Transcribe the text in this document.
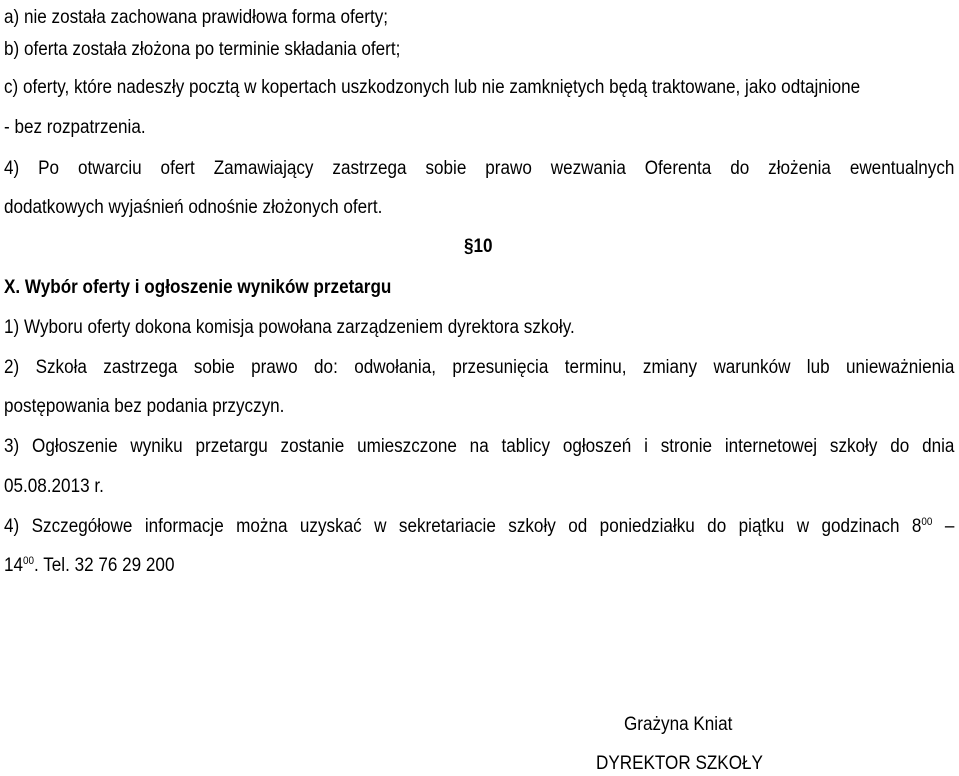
a) nie została zachowana prawidłowa forma oferty;

b) oferta została złożona po terminie składania ofert;

c) oferty, które nadeszły pocztą w kopertach uszkodzonych lub nie zamkniętych będą traktowane, jako odtajnione

- bez rozpatrzenia.

4) Po otwarciu ofert Zamawiający zastrzega sobie prawo wezwania Oferenta do złożenia ewentualnych

dodatkowych wyjaśnień odnośnie złożonych ofert.

§10

X. Wybór oferty i ogłoszenie wyników przetargu

1) Wyboru oferty dokona komisja powołana zarządzeniem dyrektora szkoły.

2) Szkoła zastrzega sobie prawo do: odwołania, przesunięcia terminu, zmiany warunków lub unieważnienia

postępowania bez podania przyczyn.

3) Ogłoszenie wyniku przetargu zostanie umieszczone na tablicy ogłoszeń i stronie internetowej szkoły do dnia

05.08.2013 r.

4) Szczegółowe informacje można uzyskać w sekretariacie szkoły od poniedziałku do piątku w godzinach $8^{00}$ –

$14^{00}$. Tel. 32 76 29 200

Grażyna Kniat

DYREKTOR SZKOŁY
